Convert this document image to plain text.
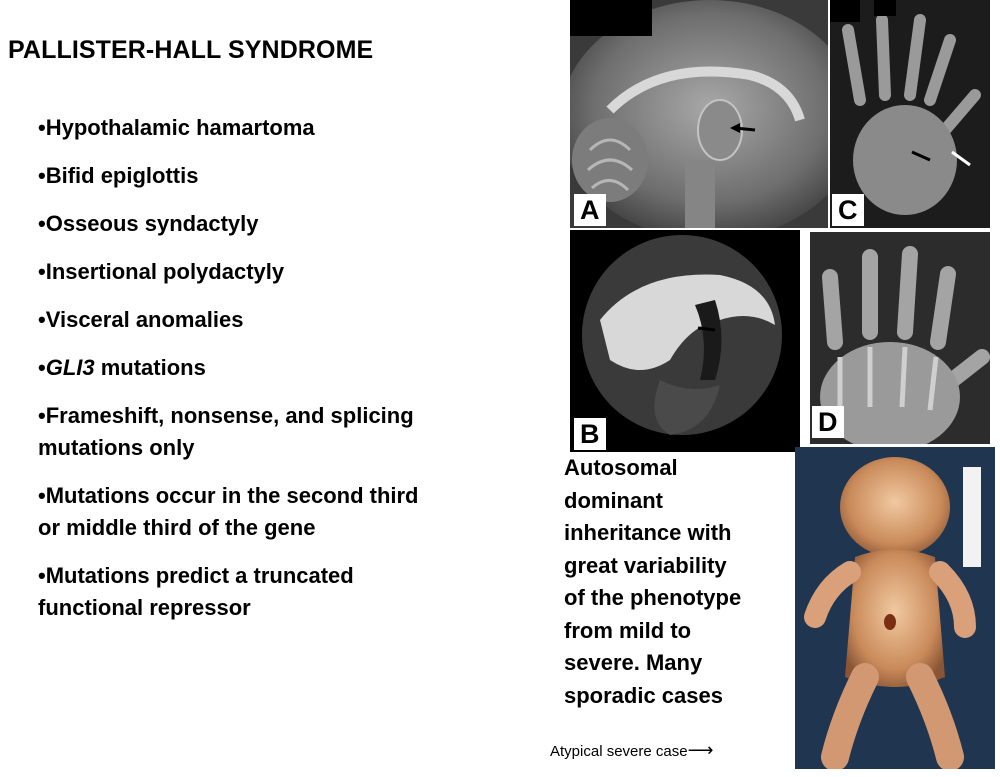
PALLISTER-HALL SYNDROME
•Hypothalamic hamartoma
•Bifid epiglottis
•Osseous syndactyly
•Insertional polydactyly
•Visceral anomalies
•GLI3 mutations
•Frameshift, nonsense, and splicing
mutations only
•Mutations occur in the second third
or middle third of the gene
•Mutations predict a truncated
functional repressor
A	C
B	D
Autosomal
dominant
inheritance with
great variability
of the phenotype
from mild to
severe. Many
sporadic cases
Atypical severe case⟶
